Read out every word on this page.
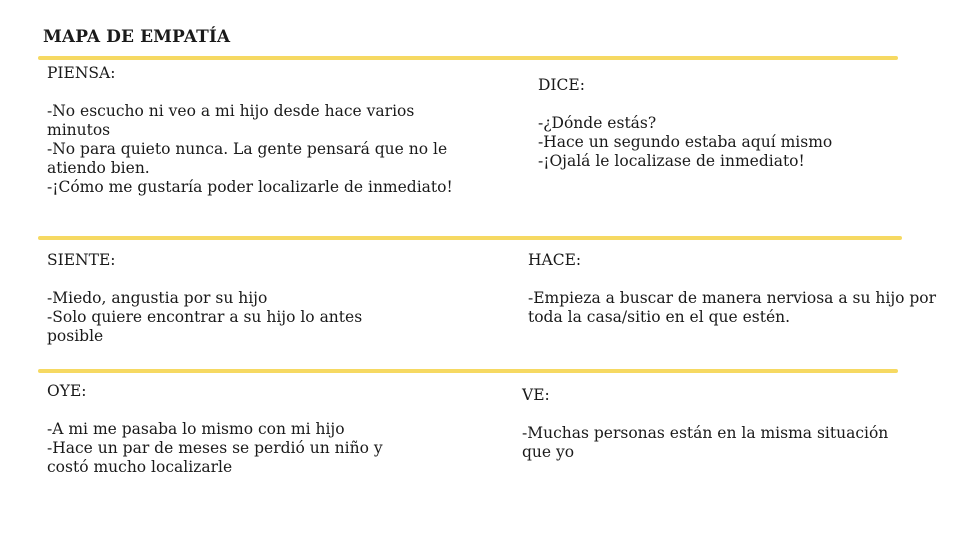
MAPA DE EMPATÍA
PIENSA:
-No escucho ni veo a mi hijo desde hace varios minutos
-No para quieto nunca. La gente pensará que no le atiendo bien.
-¡Cómo me gustaría poder localizarle de inmediato!
DICE:
-¿Dónde estás?
-Hace un segundo estaba aquí mismo
-¡Ojalá le localizase de inmediato!
SIENTE:
-Miedo, angustia por su hijo
-Solo quiere encontrar a su hijo lo antes posible
HACE:
-Empieza a buscar de manera nerviosa a su hijo por toda la casa/sitio en el que estén.
OYE:
-A mi me pasaba lo mismo con mi hijo
-Hace un par de meses se perdió un niño y costó mucho localizarle
VE:
-Muchas personas están en la misma situación que yo
